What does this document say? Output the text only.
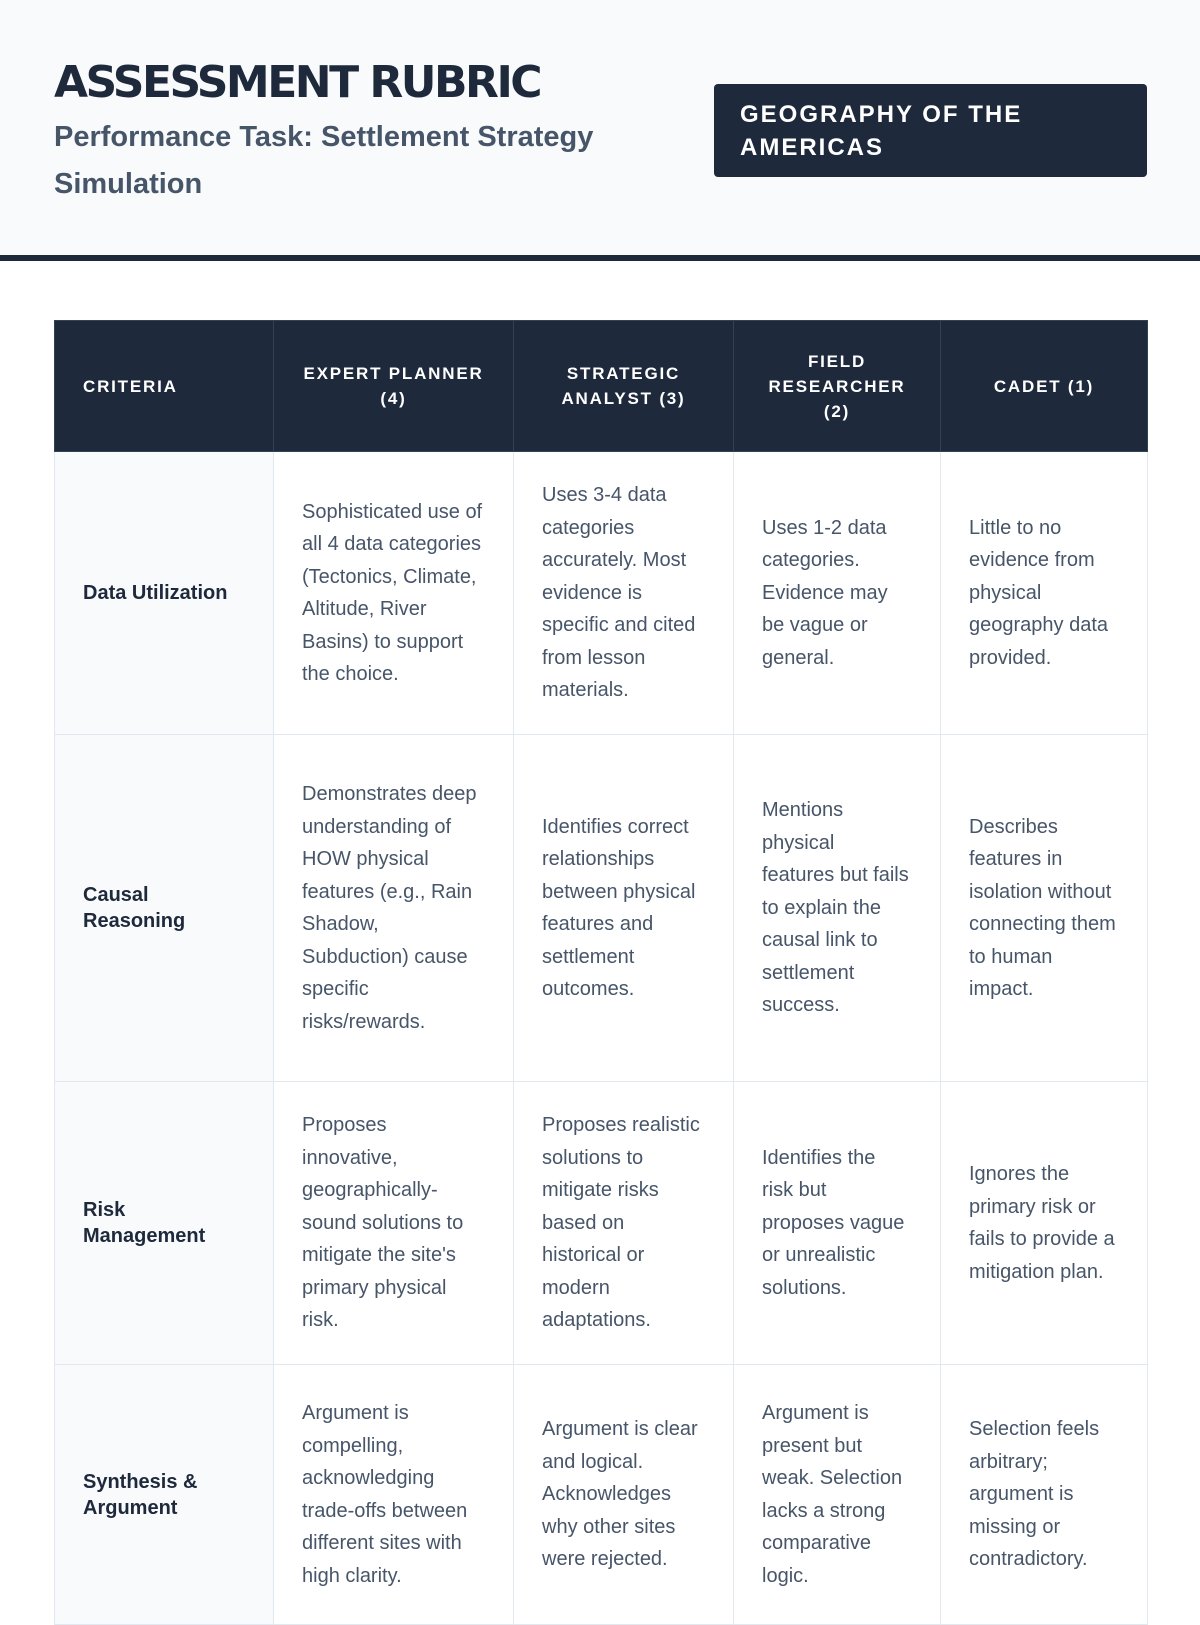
ASSESSMENT RUBRIC
Performance Task: Settlement Strategy Simulation
GEOGRAPHY OF THE AMERICAS
CRITERIA	EXPERT PLANNER (4)	STRATEGIC ANALYST (3)	FIELD RESEARCHER (2)	CADET (1)
Data Utilization	Sophisticated use of all 4 data categories (Tectonics, Climate, Altitude, River Basins) to support the choice.	Uses 3-4 data categories accurately. Most evidence is specific and cited from lesson materials.	Uses 1-2 data categories. Evidence may be vague or general.	Little to no evidence from physical geography data provided.
Causal Reasoning	Demonstrates deep understanding of HOW physical features (e.g., Rain Shadow, Subduction) cause specific risks/rewards.	Identifies correct relationships between physical features and settlement outcomes.	Mentions physical features but fails to explain the causal link to settlement success.	Describes features in isolation without connecting them to human impact.
Risk Management	Proposes innovative, geographically-sound solutions to mitigate the site's primary physical risk.	Proposes realistic solutions to mitigate risks based on historical or modern adaptations.	Identifies the risk but proposes vague or unrealistic solutions.	Ignores the primary risk or fails to provide a mitigation plan.
Synthesis & Argument	Argument is compelling, acknowledging trade-offs between different sites with high clarity.	Argument is clear and logical. Acknowledges why other sites were rejected.	Argument is present but weak. Selection lacks a strong comparative logic.	Selection feels arbitrary; argument is missing or contradictory.
